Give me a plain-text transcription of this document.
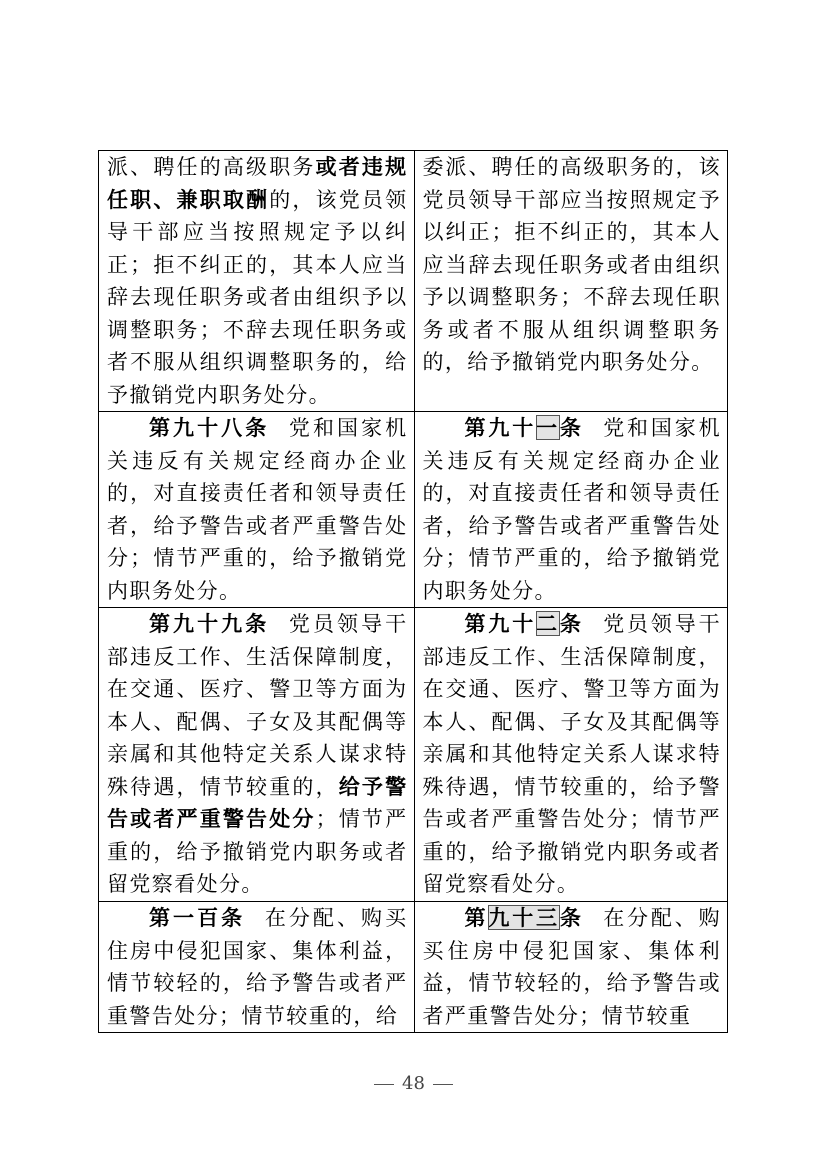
派、聘任的高级职务或者违规任职、兼职取酬的，该党员领导干部应当按照规定予以纠正；拒不纠正的，其本人应当辞去现任职务或者由组织予以调整职务；不辞去现任职务或者不服从组织调整职务的，给予撤销党内职务处分。	委派、聘任的高级职务的，该党员领导干部应当按照规定予以纠正；拒不纠正的，其本人应当辞去现任职务或者由组织予以调整职务；不辞去现任职务或者不服从组织调整职务的，给予撤销党内职务处分。
第九十八条 党和国家机关违反有关规定经商办企业的，对直接责任者和领导责任者，给予警告或者严重警告处分；情节严重的，给予撤销党内职务处分。	第九十一条 党和国家机关违反有关规定经商办企业的，对直接责任者和领导责任者，给予警告或者严重警告处分；情节严重的，给予撤销党内职务处分。
第九十九条 党员领导干部违反工作、生活保障制度，在交通、医疗、警卫等方面为本人、配偶、子女及其配偶等亲属和其他特定关系人谋求特殊待遇，情节较重的，给予警告或者严重警告处分；情节严重的，给予撤销党内职务或者留党察看处分。	第九十二条 党员领导干部违反工作、生活保障制度，在交通、医疗、警卫等方面为本人、配偶、子女及其配偶等亲属和其他特定关系人谋求特殊待遇，情节较重的，给予警告或者严重警告处分；情节严重的，给予撤销党内职务或者留党察看处分。
第一百条 在分配、购买住房中侵犯国家、集体利益，情节较轻的，给予警告或者严重警告处分；情节较重的，给	第九十三条 在分配、购买住房中侵犯国家、集体利益，情节较轻的，给予警告或者严重警告处分；情节较重
48
